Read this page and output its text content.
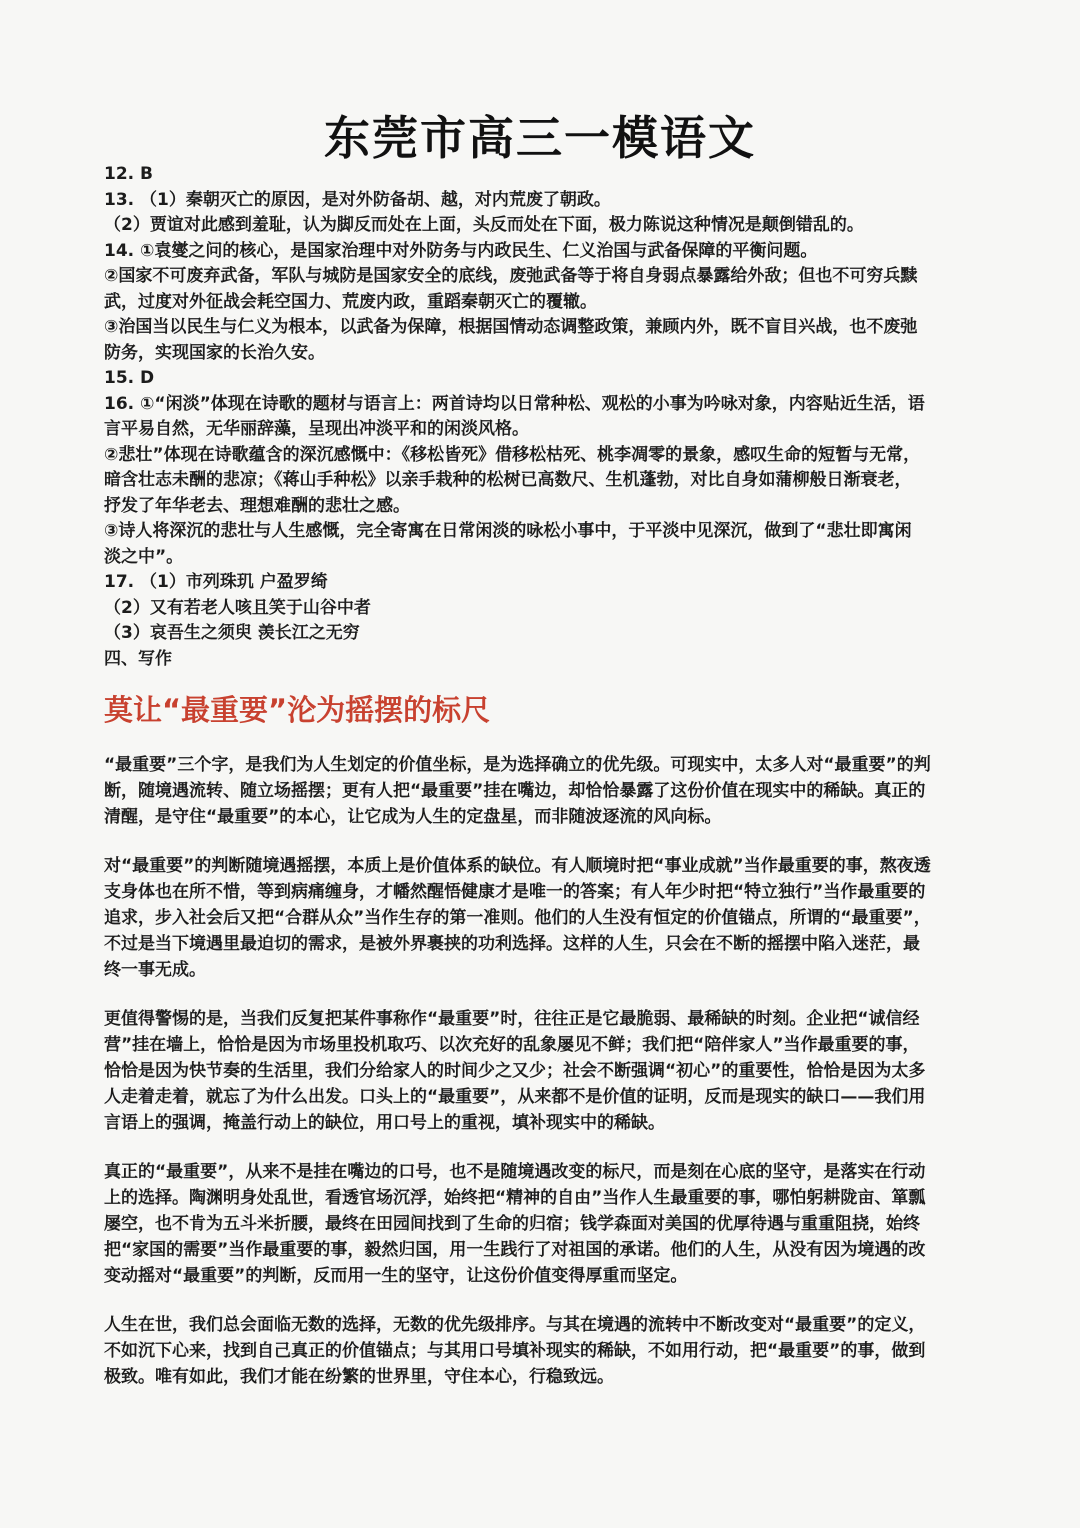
东莞市高三一模语文
12. B
13. （1）秦朝灭亡的原因，是对外防备胡、越，对内荒废了朝政。
（2）贾谊对此感到羞耻，认为脚反而处在上面，头反而处在下面，极力陈说这种情况是颠倒错乱的。
14. ①袁燮之问的核心，是国家治理中对外防务与内政民生、仁义治国与武备保障的平衡问题。
②国家不可废弃武备，军队与城防是国家安全的底线，废弛武备等于将自身弱点暴露给外敌；但也不可穷兵黩
武，过度对外征战会耗空国力、荒废内政，重蹈秦朝灭亡的覆辙。
③治国当以民生与仁义为根本，以武备为保障，根据国情动态调整政策，兼顾内外，既不盲目兴战，也不废弛
防务，实现国家的长治久安。
15. D
16. ①“闲淡”体现在诗歌的题材与语言上：两首诗均以日常种松、观松的小事为吟咏对象，内容贴近生活，语
言平易自然，无华丽辞藻，呈现出冲淡平和的闲淡风格。
②悲壮”体现在诗歌蕴含的深沉感慨中：《移松皆死》借移松枯死、桃李凋零的景象，感叹生命的短暂与无常，
暗含壮志未酬的悲凉；《蒋山手种松》以亲手栽种的松树已高数尺、生机蓬勃，对比自身如蒲柳般日渐衰老，
抒发了年华老去、理想难酬的悲壮之感。
③诗人将深沉的悲壮与人生感慨，完全寄寓在日常闲淡的咏松小事中，于平淡中见深沉，做到了“悲壮即寓闲
淡之中”。
17. （1）市列珠玑 户盈罗绮
（2）又有若老人咳且笑于山谷中者
（3）哀吾生之须臾 羡长江之无穷
四、写作
莫让“最重要”沦为摇摆的标尺
“最重要”三个字，是我们为人生划定的价值坐标，是为选择确立的优先级。可现实中，太多人对“最重要”的判
断，随境遇流转、随立场摇摆；更有人把“最重要”挂在嘴边，却恰恰暴露了这份价值在现实中的稀缺。真正的
清醒，是守住“最重要”的本心，让它成为人生的定盘星，而非随波逐流的风向标。
对“最重要”的判断随境遇摇摆，本质上是价值体系的缺位。有人顺境时把“事业成就”当作最重要的事，熬夜透
支身体也在所不惜，等到病痛缠身，才幡然醒悟健康才是唯一的答案；有人年少时把“特立独行”当作最重要的
追求，步入社会后又把“合群从众”当作生存的第一准则。他们的人生没有恒定的价值锚点，所谓的“最重要”，
不过是当下境遇里最迫切的需求，是被外界裹挟的功利选择。这样的人生，只会在不断的摇摆中陷入迷茫，最
终一事无成。
更值得警惕的是，当我们反复把某件事称作“最重要”时，往往正是它最脆弱、最稀缺的时刻。企业把“诚信经
营”挂在墙上，恰恰是因为市场里投机取巧、以次充好的乱象屡见不鲜；我们把“陪伴家人”当作最重要的事，
恰恰是因为快节奏的生活里，我们分给家人的时间少之又少；社会不断强调“初心”的重要性，恰恰是因为太多
人走着走着，就忘了为什么出发。口头上的“最重要”，从来都不是价值的证明，反而是现实的缺口——我们用
言语上的强调，掩盖行动上的缺位，用口号上的重视，填补现实中的稀缺。
真正的“最重要”，从来不是挂在嘴边的口号，也不是随境遇改变的标尺，而是刻在心底的坚守，是落实在行动
上的选择。陶渊明身处乱世，看透官场沉浮，始终把“精神的自由”当作人生最重要的事，哪怕躬耕陇亩、箪瓢
屡空，也不肯为五斗米折腰，最终在田园间找到了生命的归宿；钱学森面对美国的优厚待遇与重重阻挠，始终
把“家国的需要”当作最重要的事，毅然归国，用一生践行了对祖国的承诺。他们的人生，从没有因为境遇的改
变动摇对“最重要”的判断，反而用一生的坚守，让这份价值变得厚重而坚定。
人生在世，我们总会面临无数的选择，无数的优先级排序。与其在境遇的流转中不断改变对“最重要”的定义，
不如沉下心来，找到自己真正的价值锚点；与其用口号填补现实的稀缺，不如用行动，把“最重要”的事，做到
极致。唯有如此，我们才能在纷繁的世界里，守住本心，行稳致远。
